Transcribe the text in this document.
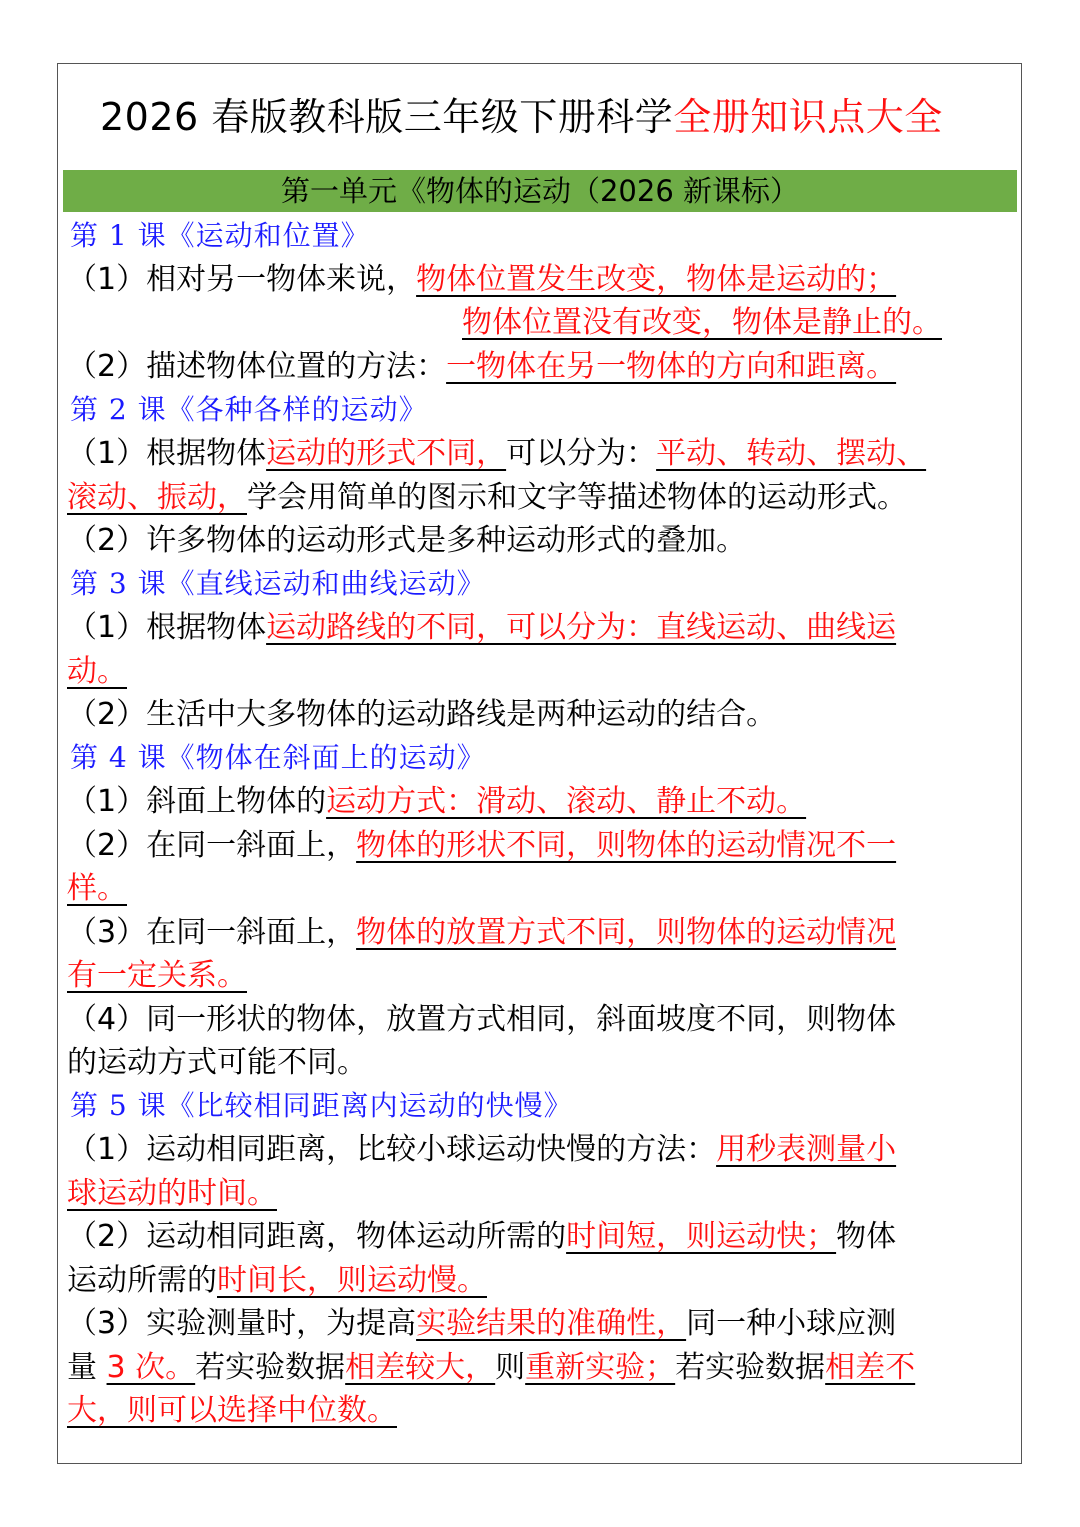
2026 春版教科版三年级下册科学全册知识点大全
第一单元《物体的运动（2026 新课标）
第 1 课《运动和位置》
（1）相对另一物体来说，物体位置发生改变，物体是运动的；
物体位置没有改变，物体是静止的。
（2）描述物体位置的方法：一物体在另一物体的方向和距离。
第 2 课《各种各样的运动》
（1）根据物体运动的形式不同，可以分为：平动、转动、摆动、
滚动、振动，学会用简单的图示和文字等描述物体的运动形式。
（2）许多物体的运动形式是多种运动形式的叠加。
第 3 课《直线运动和曲线运动》
（1）根据物体运动路线的不同，可以分为：直线运动、曲线运
动。
（2）生活中大多物体的运动路线是两种运动的结合。
第 4 课《物体在斜面上的运动》
（1）斜面上物体的运动方式：滑动、滚动、静止不动。
（2）在同一斜面上，物体的形状不同，则物体的运动情况不一
样。
（3）在同一斜面上，物体的放置方式不同，则物体的运动情况
有一定关系。
（4）同一形状的物体，放置方式相同，斜面坡度不同，则物体
的运动方式可能不同。
第 5 课《比较相同距离内运动的快慢》
（1）运动相同距离，比较小球运动快慢的方法：用秒表测量小
球运动的时间。
（2）运动相同距离，物体运动所需的时间短，则运动快；物体
运动所需的时间长，则运动慢。
（3）实验测量时，为提高实验结果的准确性，同一种小球应测
量 3 次。若实验数据相差较大，则重新实验；若实验数据相差不
大，则可以选择中位数。
